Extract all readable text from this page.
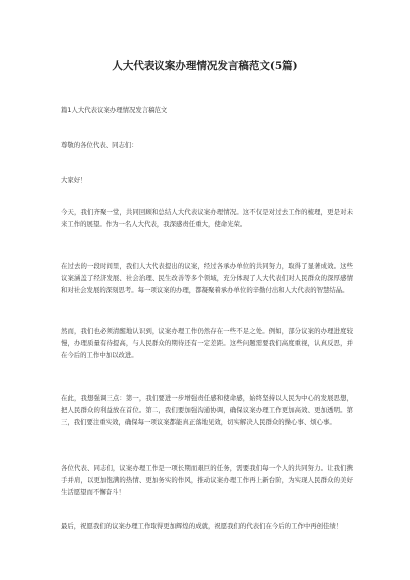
人大代表议案办理情况发言稿范文(5篇)

篇1人大代表议案办理情况发言稿范文

尊敬的各位代表、同志们：

大家好！

今天，我们齐聚一堂，共同回顾和总结人大代表议案办理情况。这不仅是对过去工作的梳理，更是对未来工作的展望。作为一名人大代表，我深感责任重大，使命光荣。

在过去的一段时间里，我们人大代表提出的议案，经过各承办单位的共同努力，取得了显著成效。这些议案涵盖了经济发展、社会治理、民生改善等多个领域，充分体现了人大代表们对人民群众的深厚感情和对社会发展的深刻思考。每一项议案的办理，都凝聚着承办单位的辛勤付出和人大代表的智慧结晶。

然而，我们也必须清醒地认识到，议案办理工作仍然存在一些不足之处。例如，部分议案的办理进度较慢，办理质量有待提高，与人民群众的期待还有一定差距。这些问题需要我们高度重视，认真反思，并在今后的工作中加以改进。

在此，我想强调三点：第一，我们要进一步增强责任感和使命感，始终坚持以人民为中心的发展思想，把人民群众的利益放在首位。第二，我们要加强沟通协调，确保议案办理工作更加高效、更加透明。第三，我们要注重实效，确保每一项议案都能真正落地见效，切实解决人民群众的操心事、烦心事。

各位代表、同志们，议案办理工作是一项长期而艰巨的任务，需要我们每一个人的共同努力。让我们携手并肩，以更加饱满的热情、更加务实的作风，推动议案办理工作再上新台阶，为实现人民群众的美好生活愿望而不懈奋斗！

最后，祝愿我们的议案办理工作取得更加辉煌的成就，祝愿我们的代表们在今后的工作中再创佳绩！
